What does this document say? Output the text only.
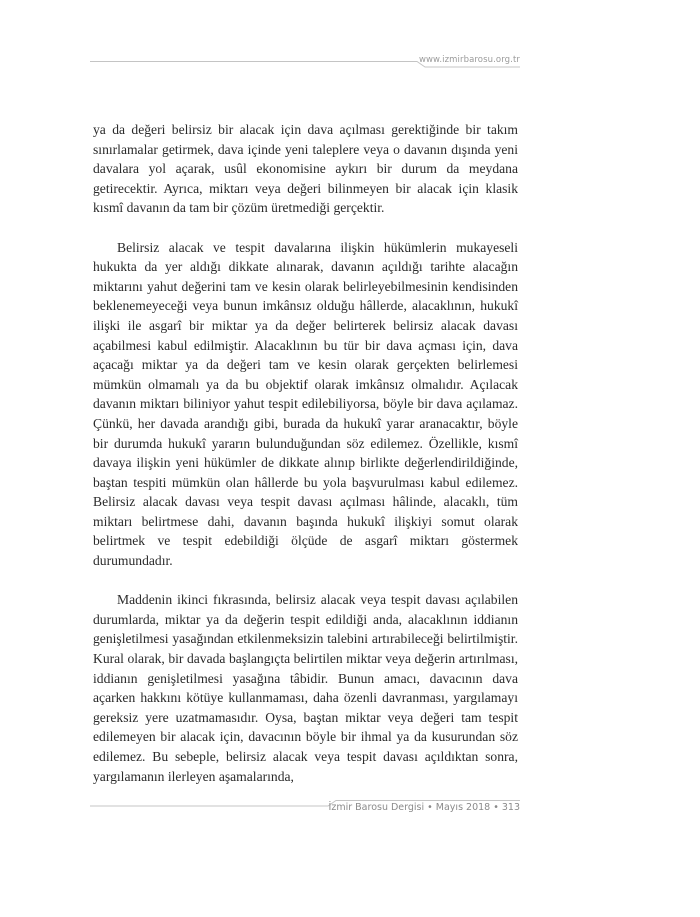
www.izmirbarosu.org.tr

ya da değeri belirsiz bir alacak için dava açılması gerektiğinde bir takım sınırlamalar getirmek, dava içinde yeni taleplere veya o davanın dışında yeni davalara yol açarak, usûl ekonomisine aykırı bir durum da meydana getirecektir. Ayrıca, miktarı veya değeri bilinmeyen bir alacak için klasik kısmî davanın da tam bir çözüm üretmediği gerçektir.

Belirsiz alacak ve tespit davalarına ilişkin hükümlerin mukayeseli hukukta da yer aldığı dikkate alınarak, davanın açıldığı tarihte alacağın miktarını yahut değerini tam ve kesin olarak belirleyebilmesinin kendisinden beklenemeyeceği veya bunun imkânsız olduğu hâllerde, alacaklının, hukukî ilişki ile asgarî bir miktar ya da değer belirterek belirsiz alacak davası açabilmesi kabul edilmiştir. Alacaklının bu tür bir dava açması için, dava açacağı miktar ya da değeri tam ve kesin olarak gerçekten belirlemesi mümkün olmamalı ya da bu objektif olarak imkânsız olmalıdır. Açılacak davanın miktarı biliniyor yahut tespit edilebiliyorsa, böyle bir dava açılamaz. Çünkü, her davada arandığı gibi, burada da hukukî yarar aranacaktır, böyle bir durumda hukukî yararın bulunduğundan söz edilemez. Özellikle, kısmî davaya ilişkin yeni hükümler de dikkate alınıp birlikte değerlendirildiğinde, baştan tespiti mümkün olan hâllerde bu yola başvurulması kabul edilemez. Belirsiz alacak davası veya tespit davası açılması hâlinde, alacaklı, tüm miktarı belirtmese dahi, davanın başında hukukî ilişkiyi somut olarak belirtmek ve tespit edebildiği ölçüde de asgarî miktarı göstermek durumundadır.

Maddenin ikinci fıkrasında, belirsiz alacak veya tespit davası açılabilen durumlarda, miktar ya da değerin tespit edildiği anda, alacaklının iddianın genişletilmesi yasağından etkilenmeksizin talebini artırabileceği belirtilmiştir. Kural olarak, bir davada başlangıçta belirtilen miktar veya değerin artırılması, iddianın genişletilmesi yasağına tâbidir. Bunun amacı, davacının dava açarken hakkını kötüye kullanmaması, daha özenli davranması, yargılamayı gereksiz yere uzatmamasıdır. Oysa, baştan miktar veya değeri tam tespit edilemeyen bir alacak için, davacının böyle bir ihmal ya da kusurundan söz edilemez. Bu sebeple, belirsiz alacak veya tespit davası açıldıktan sonra, yargılamanın ilerleyen aşamalarında,

İzmir Barosu Dergisi • Mayıs 2018 • 313
